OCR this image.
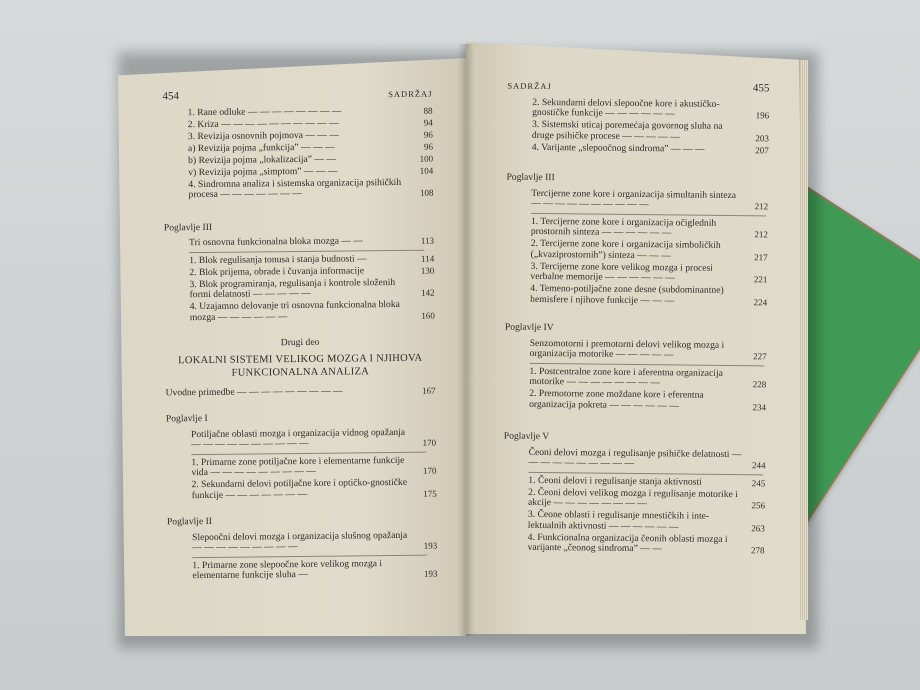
454	SADRŽAJ
1. Rane odluke — — — — — — — —	88
2. Kriza — — — — — — — — — —	94
3. Revizija osnovnih pojmova — — —	96
a) Revizija pojma „funkcija” — — —	96
b) Revizija pojma „lokalizacija” — —	100
v) Revizija pojma „simptom” — — —	104
4. Sindromna analiza i sistemska organizacija psihičkih procesa — — — — — — —	108
Poglavlje III
Tri osnovna funkcionalna bloka mozga — —	113
1. Blok regulisanja tonusa i stanja budnosti —	114
2. Blok prijema, obrade i čuvanja informacije	130
3. Blok programiranja, regulisanja i kontrole složenih formi delatnosti — — — — —	142
4. Uzajamno delovanje tri osnovna funkcionalna bloka mozga — — — — — —	160
Drugi deo
LOKALNI SISTEMI VELIKOG MOZGA I NJIHOVA
FUNKCIONALNA ANALIZA
Uvodne primedbe — — — — — — — — —	167
Poglavlje I
Potiljačne oblasti mozga i organizacija vidnog opažanja — — — — — — — — — —	170
1. Primarne zone potiljačne kore i elementarne funkcije vida — — — — — — — — —	170
2. Sekundarni delovi potiljačne kore i optičko-gnostičke funkcije — — — — — — —	175
Poglavlje II
Slepoočni delovi mozga i organizacija slušnog opažanja — — — — — — — — —	193
1. Primarne zone slepoočne kore velikog mozga i elementarne funkcije sluha —	193
SADRŽAJ	455
2. Sekundarni delovi slepoočne kore i akustičko-gnostičke funkcije — — — — — —	196
3. Sistemski uticaj poremećaja govornog sluha na druge psihičke procese — — — — —	203
4. Varijante „slepoočnog sindroma” — — —	207
Poglavlje III
Tercijerne zone kore i organizacija simultanih sinteza — — — — — — — — — —	212
1. Tercijerne zone kore i organizacija očiglednih prostornih sinteza — — — — — —	212
2. Tercijerne zone kore i organizacija simboličkih („kvaziprostornih”) sinteza — — —	217
3. Tercijerne zone kore velikog mozga i procesi verbalne memorije — — — — — —	221
4. Temeno-potiljačne zone desne (subdominantne) hemisfere i njihove funkcije — — —	224
Poglavlje IV
Senzomotorni i premotorni delovi velikog mozga i organizacija motorike — — — — —	227
1. Postcentralne zone kore i aferentna organizacija motorike — — — — — — — —	228
2. Premotorne zone moždane kore i eferentna organizacija pokreta — — — — — —	234
Poglavlje V
Čeoni delovi mozga i regulisanje psihičke delatnosti — — — — — — — — — —	244
1. Čeoni delovi i regulisanje stanja aktivnosti	245
2. Čeoni delovi velikog mozga i regulisanje motorike i akcije — — — — — — — —	256
3. Čeone oblasti i regulisanje mnestičkih i intelektualnih aktivnosti — — — — — —	263
4. Funkcionalna organizacija čeonih oblasti mozga i varijante „čeonog sindroma” — —	278
